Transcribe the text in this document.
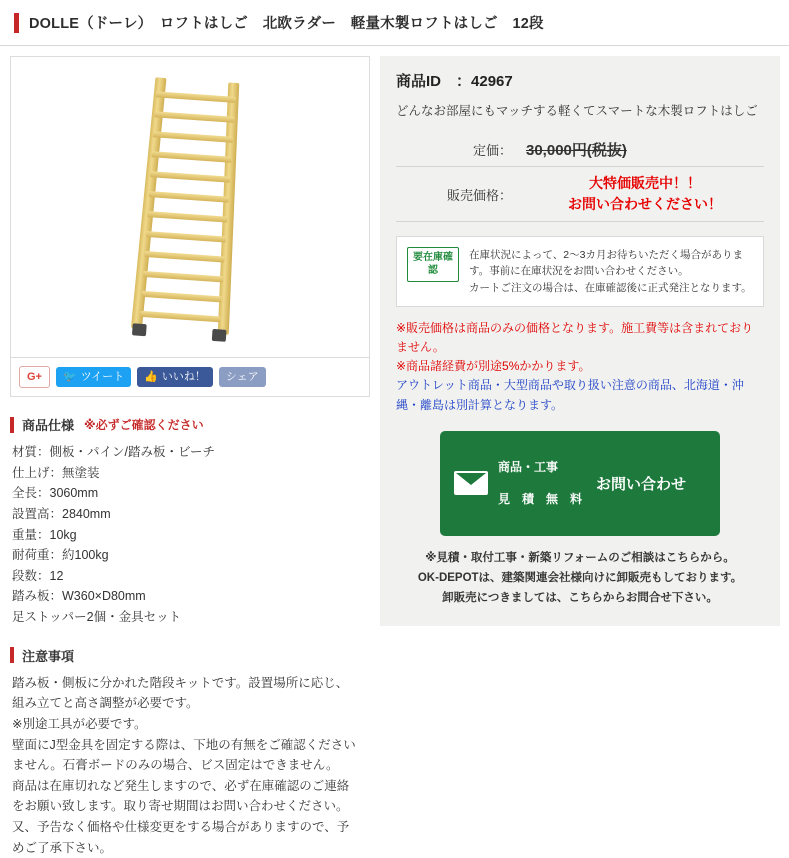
DOLLE（ドーレ）　ロフトはしご　北欧ラダー　軽量木製ロフトはしご　12段
G+ 🐦 ツイート 👍 いいね！ シェア
商品仕様 ※必ずご確認ください
材質：側板・パイン/踏み板・ビーチ
仕上げ：無塗装
全長：3060mm
設置高：2840mm
重量：10kg
耐荷重：約100kg
段数：12
踏み板：W360×D80mm
足ストッパー2個・金具セット
注意事項
踏み板・側板に分かれた階段キットです。設置場所に応じ、
組み立てと高さ調整が必要です。
※別途工具が必要です。
壁面にJ型金具を固定する際は、下地の有無をご確認ください
ません。石膏ボードのみの場合、ビス固定はできません。
商品は在庫切れなど発生しますので、必ず在庫確認のご連絡
をお願い致します。取り寄せ期間はお問い合わせください。
又、予告なく価格や仕様変更をする場合がありますので、予
めご了承下さい。
商品ID　：42967
どんなお部屋にもマッチする軽くてスマートな木製ロフトはしご
定価：	30,000円(税抜)
販売価格：	大特価販売中！！
お問い合わせください！
要在庫確認
在庫状況によって、2～3カ月お待ちいただく場合があります。事前に在庫状況をお問い合わせください。
カートご注文の場合は、在庫確認後に正式発注となります。
※販売価格は商品のみの価格となります。施工費等は含まれておりません。
※商品諸経費が別途5%かかります。
アウトレット商品・大型商品や取り扱い注意の商品、北海道・沖縄・離島は別計算となります。

商品・工事

見　積　無　料

お問い合わせ
※見積・取付工事・新築リフォームのご相談はこちらから。
OK-DEPOTは、建築関連会社様向けに卸販売もしております。
卸販売につきましては、こちらからお問合せ下さい。
